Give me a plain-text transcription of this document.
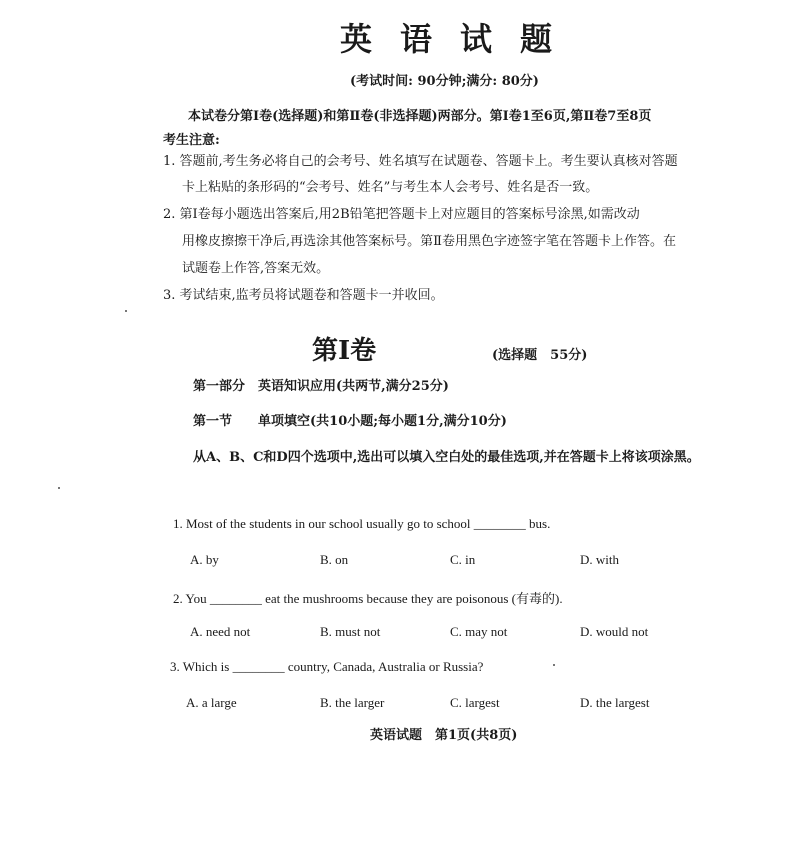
英语试题
(考试时间: 90分钟;满分: 80分)
本试卷分第Ⅰ卷(选择题)和第Ⅱ卷(非选择题)两部分。第Ⅰ卷1至6页,第Ⅱ卷7至8页
考生注意:
1. 答题前,考生务必将自己的会考号、姓名填写在试题卷、答题卡上。考生要认真核对答题
卡上粘贴的条形码的“会考号、姓名”与考生本人会考号、姓名是否一致。
2. 第Ⅰ卷每小题选出答案后,用2B铅笔把答题卡上对应题目的答案标号涂黑,如需改动
用橡皮擦擦干净后,再选涂其他答案标号。第Ⅱ卷用黑色字迹签字笔在答题卡上作答。在
试题卷上作答,答案无效。
3. 考试结束,监考员将试题卷和答题卡一并收回。
第Ⅰ卷	(选择题　55分)
第一部分　英语知识应用(共两节,满分25分)
第一节　　单项填空(共10小题;每小题1分,满分10分)
从A、B、C和D四个选项中,选出可以填入空白处的最佳选项,并在答题卡上将该项涂黑。
1. Most of the students in our school usually go to school ________ bus.
A. by	B. on	C. in	D. with
2. You ________ eat the mushrooms because they are poisonous (有毒的).
A. need not	B. must not	C. may not	D. would not
3. Which is ________ country, Canada, Australia or Russia?
A. a large	B. the larger	C. largest	D. the largest
英语试题　第1页(共8页)
